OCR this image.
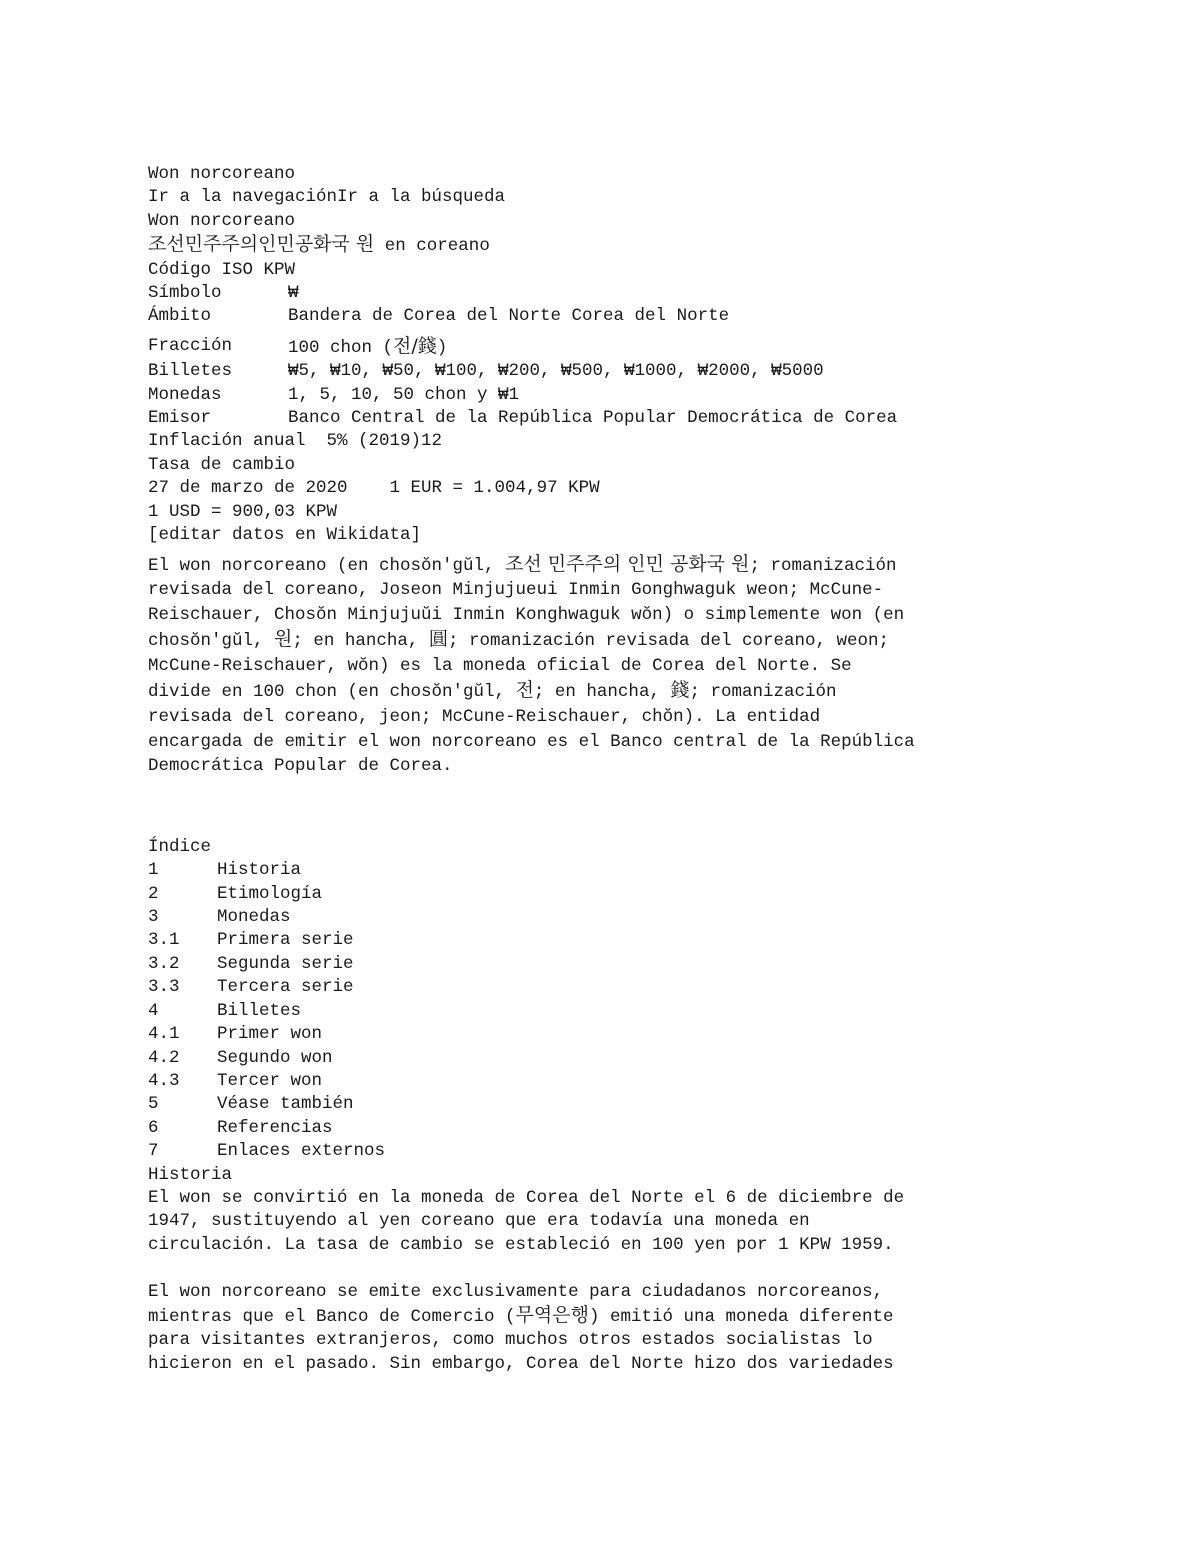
Won norcoreano
Ir a la navegaciónIr a la búsqueda
Won norcoreano
조선민주주의인민공화국 원 en coreano
Código ISO KPW
Símbolo	₩
Ámbito	Bandera de Corea del Norte Corea del Norte
Fracción	100 chon (전/錢)
Billetes	₩5, ₩10, ₩50, ₩100, ₩200, ₩500, ₩1000, ₩2000, ₩5000
Monedas	1, 5, 10, 50 chon y ₩1
Emisor	Banco Central de la República Popular Democrática de Corea
Inflación anual  5% (2019)12
Tasa de cambio
27 de marzo de 2020    1 EUR = 1.004,97 KPW
1 USD = 900,03 KPW
[editar datos en Wikidata]
El won norcoreano (en chosŏn'gŭl, 조선 민주주의 인민 공화국 원; romanización
revisada del coreano, Joseon Minjujueui Inmin Gonghwaguk weon; McCune-
Reischauer, Chosŏn Minjujuŭi Inmin Konghwaguk wŏn) o simplemente won (en
chosŏn'gŭl, 원; en hancha, 圓; romanización revisada del coreano, weon;
McCune-Reischauer, wŏn) es la moneda oficial de Corea del Norte. Se
divide en 100 chon (en chosŏn'gŭl, 전; en hancha, 錢; romanización
revisada del coreano, jeon; McCune-Reischauer, chŏn). La entidad
encargada de emitir el won norcoreano es el Banco central de la República
Democrática Popular de Corea.
Índice
1	Historia
2	Etimología
3	Monedas
3.1	Primera serie
3.2	Segunda serie
3.3	Tercera serie
4	Billetes
4.1	Primer won
4.2	Segundo won
4.3	Tercer won
5	Véase también
6	Referencias
7	Enlaces externos
Historia
El won se convirtió en la moneda de Corea del Norte el 6 de diciembre de
1947, sustituyendo al yen coreano que era todavía una moneda en
circulación. La tasa de cambio se estableció en 100 yen por 1 KPW 1959.
El won norcoreano se emite exclusivamente para ciudadanos norcoreanos,
mientras que el Banco de Comercio (무역은행) emitió una moneda diferente
para visitantes extranjeros, como muchos otros estados socialistas lo
hicieron en el pasado. Sin embargo, Corea del Norte hizo dos variedades
